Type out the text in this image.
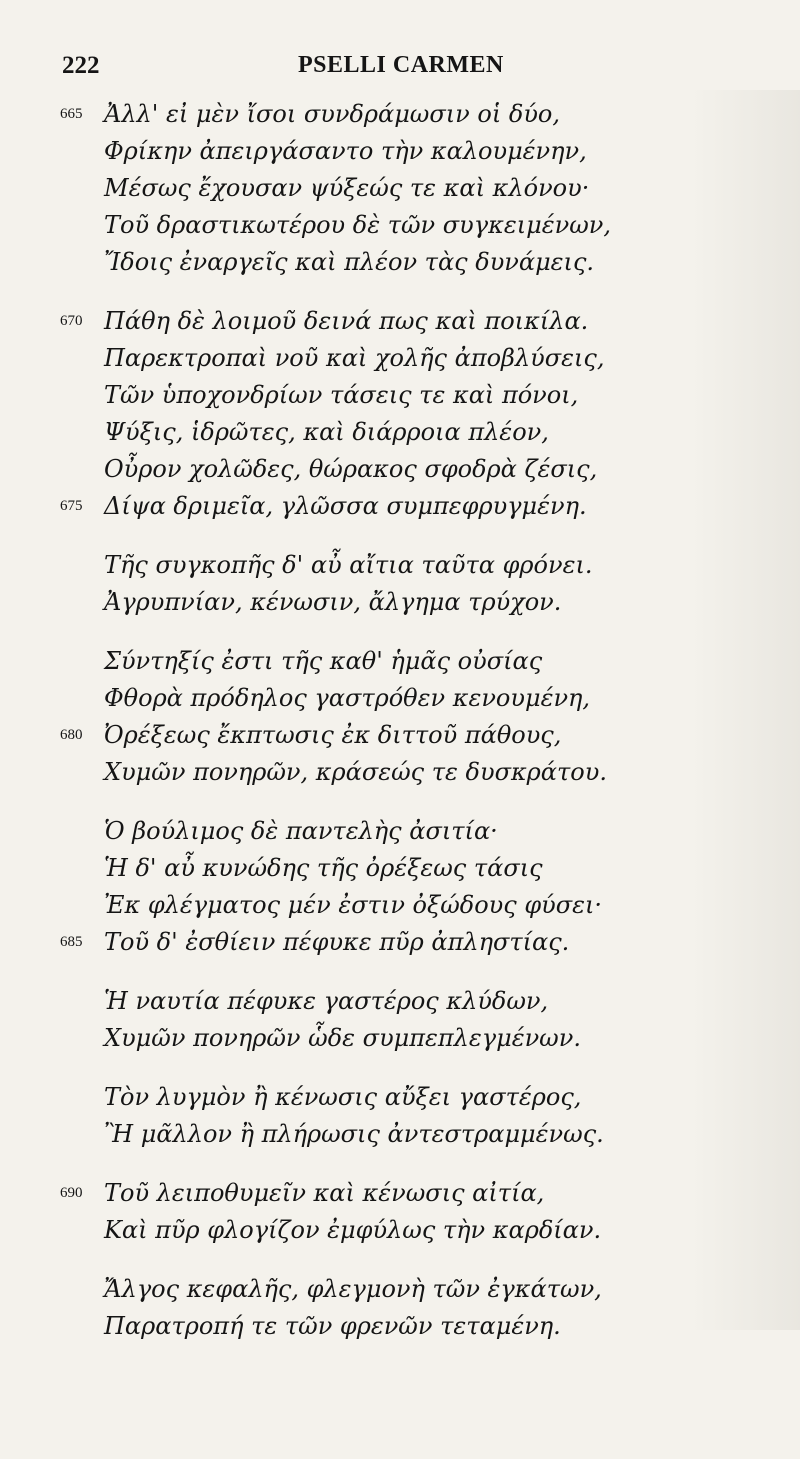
222	PSELLI CARMEN
665 Ἀλλ' εἰ μὲν ἴσοι συνδράμωσιν οἱ δύο,
Φρίκην ἀπειργάσαντο τὴν καλουμένην,
Μέσως ἔχουσαν ψύξεώς τε καὶ κλόνου·
Τοῦ δραστικωτέρου δὲ τῶν συγκειμένων,
Ἴδοις ἐναργεῖς καὶ πλέον τὰς δυνάμεις.
670 Πάθη δὲ λοιμοῦ δεινά πως καὶ ποικίλα.
Παρεκτροπαὶ νοῦ καὶ χολῆς ἀποβλύσεις,
Τῶν ὑποχονδρίων τάσεις τε καὶ πόνοι,
Ψύξις, ἱδρῶτες, καὶ διάρροια πλέον,
Οὖρον χολῶδες, θώρακος σφοδρὰ ζέσις,
675 Δίψα δριμεῖα, γλῶσσα συμπεφρυγμένη.
Τῆς συγκοπῆς δ' αὖ αἴτια ταῦτα φρόνει.
Ἀγρυπνίαν, κένωσιν, ἄλγημα τρύχον.
Σύντηξίς ἐστι τῆς καθ' ἡμᾶς οὐσίας
Φθορὰ πρόδηλος γαστρόθεν κενουμένη,
680 Ὀρέξεως ἔκπτωσις ἐκ διττοῦ πάθους,
Χυμῶν πονηρῶν, κράσεώς τε δυσκράτου.
Ὁ βούλιμος δὲ παντελὴς ἀσιτία·
Ἡ δ' αὖ κυνώδης τῆς ὀρέξεως τάσις
Ἐκ φλέγματος μέν ἐστιν ὀξώδους φύσει·
685 Τοῦ δ' ἐσθίειν πέφυκε πῦρ ἀπληστίας.
Ἡ ναυτία πέφυκε γαστέρος κλύδων,
Χυμῶν πονηρῶν ὧδε συμπεπλεγμένων.
Τὸν λυγμὸν ἢ κένωσις αὔξει γαστέρος,
Ἢ μᾶλλον ἢ πλήρωσις ἀντεστραμμένως.
690 Τοῦ λειποθυμεῖν καὶ κένωσις αἰτία,
Καὶ πῦρ φλογίζον ἐμφύλως τὴν καρδίαν.
Ἄλγος κεφαλῆς, φλεγμονὴ τῶν ἐγκάτων,
Παρατροπή τε τῶν φρενῶν τεταμένη.
